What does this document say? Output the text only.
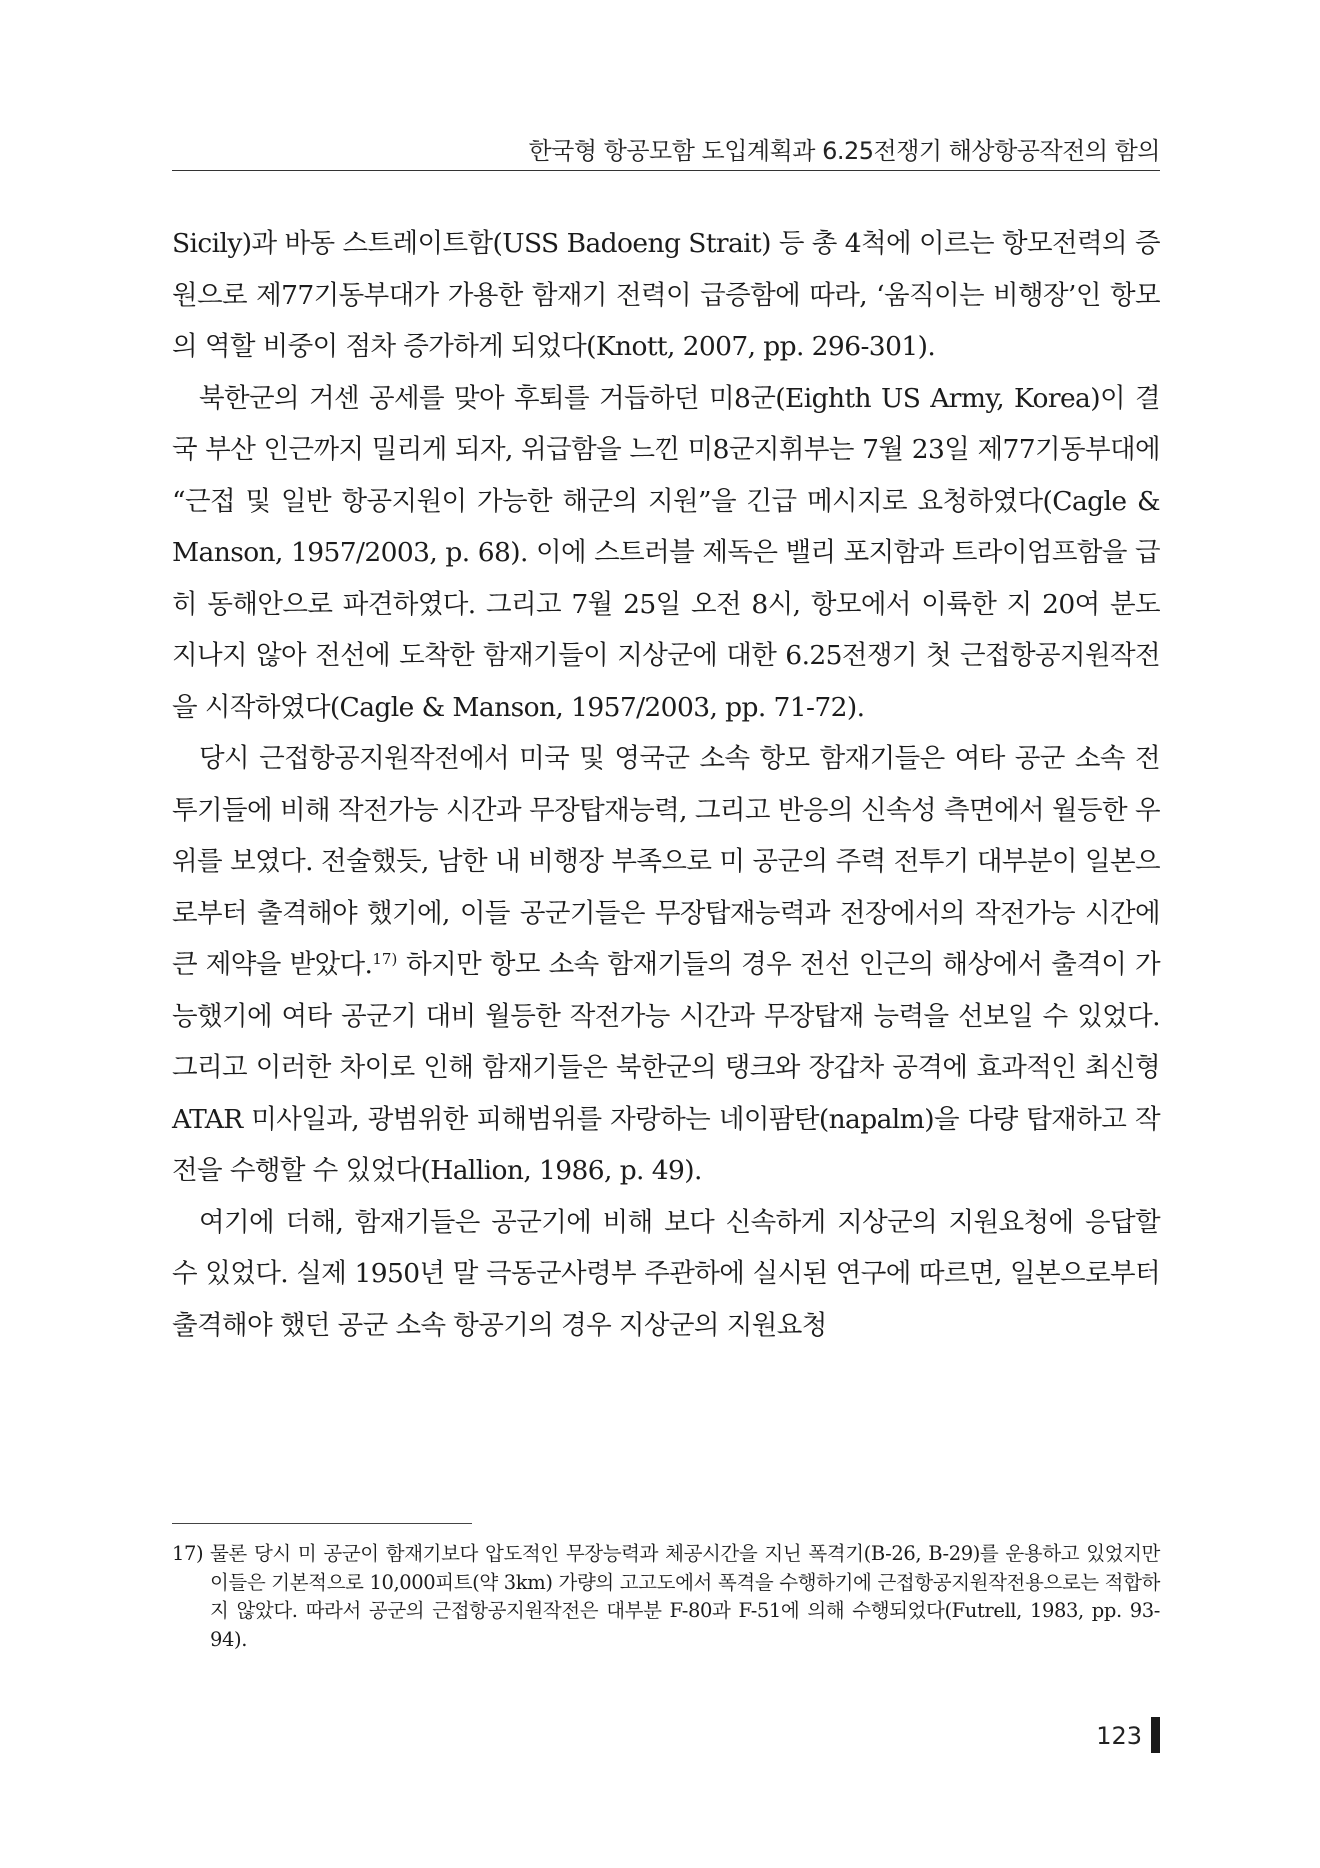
한국형 항공모함 도입계획과 6.25전쟁기 해상항공작전의 함의

Sicily)과 바동 스트레이트함(USS Badoeng Strait) 등 총 4척에 이르는 항모전력의 증원으로 제77기동부대가 가용한 함재기 전력이 급증함에 따라, ‘움직이는 비행장’인 항모의 역할 비중이 점차 증가하게 되었다(Knott, 2007, pp. 296-301).

북한군의 거센 공세를 맞아 후퇴를 거듭하던 미8군(Eighth US Army, Korea)이 결국 부산 인근까지 밀리게 되자, 위급함을 느낀 미8군지휘부는 7월 23일 제77기동부대에 “근접 및 일반 항공지원이 가능한 해군의 지원”을 긴급 메시지로 요청하였다(Cagle & Manson, 1957/2003, p. 68). 이에 스트러블 제독은 밸리 포지함과 트라이엄프함을 급히 동해안으로 파견하였다. 그리고 7월 25일 오전 8시, 항모에서 이륙한 지 20여 분도 지나지 않아 전선에 도착한 함재기들이 지상군에 대한 6.25전쟁기 첫 근접항공지원작전을 시작하였다(Cagle & Manson, 1957/2003, pp. 71-72).

당시 근접항공지원작전에서 미국 및 영국군 소속 항모 함재기들은 여타 공군 소속 전투기들에 비해 작전가능 시간과 무장탑재능력, 그리고 반응의 신속성 측면에서 월등한 우위를 보였다. 전술했듯, 남한 내 비행장 부족으로 미 공군의 주력 전투기 대부분이 일본으로부터 출격해야 했기에, 이들 공군기들은 무장탑재능력과 전장에서의 작전가능 시간에 큰 제약을 받았다.$^{17)}$ 하지만 항모 소속 함재기들의 경우 전선 인근의 해상에서 출격이 가능했기에 여타 공군기 대비 월등한 작전가능 시간과 무장탑재 능력을 선보일 수 있었다. 그리고 이러한 차이로 인해 함재기들은 북한군의 탱크와 장갑차 공격에 효과적인 최신형 ATAR 미사일과, 광범위한 피해범위를 자랑하는 네이팜탄(napalm)을 다량 탑재하고 작전을 수행할 수 있었다(Hallion, 1986, p. 49).

여기에 더해, 함재기들은 공군기에 비해 보다 신속하게 지상군의 지원요청에 응답할 수 있었다. 실제 1950년 말 극동군사령부 주관하에 실시된 연구에 따르면, 일본으로부터 출격해야 했던 공군 소속 항공기의 경우 지상군의 지원요청

17) 물론 당시 미 공군이 함재기보다 압도적인 무장능력과 체공시간을 지닌 폭격기(B-26, B-29)를 운용하고 있었지만 이들은 기본적으로 10,000피트(약 3km) 가량의 고고도에서 폭격을 수행하기에 근접항공지원작전용으로는 적합하지 않았다. 따라서 공군의 근접항공지원작전은 대부분 F-80과 F-51에 의해 수행되었다(Futrell, 1983, pp. 93-94).
123
